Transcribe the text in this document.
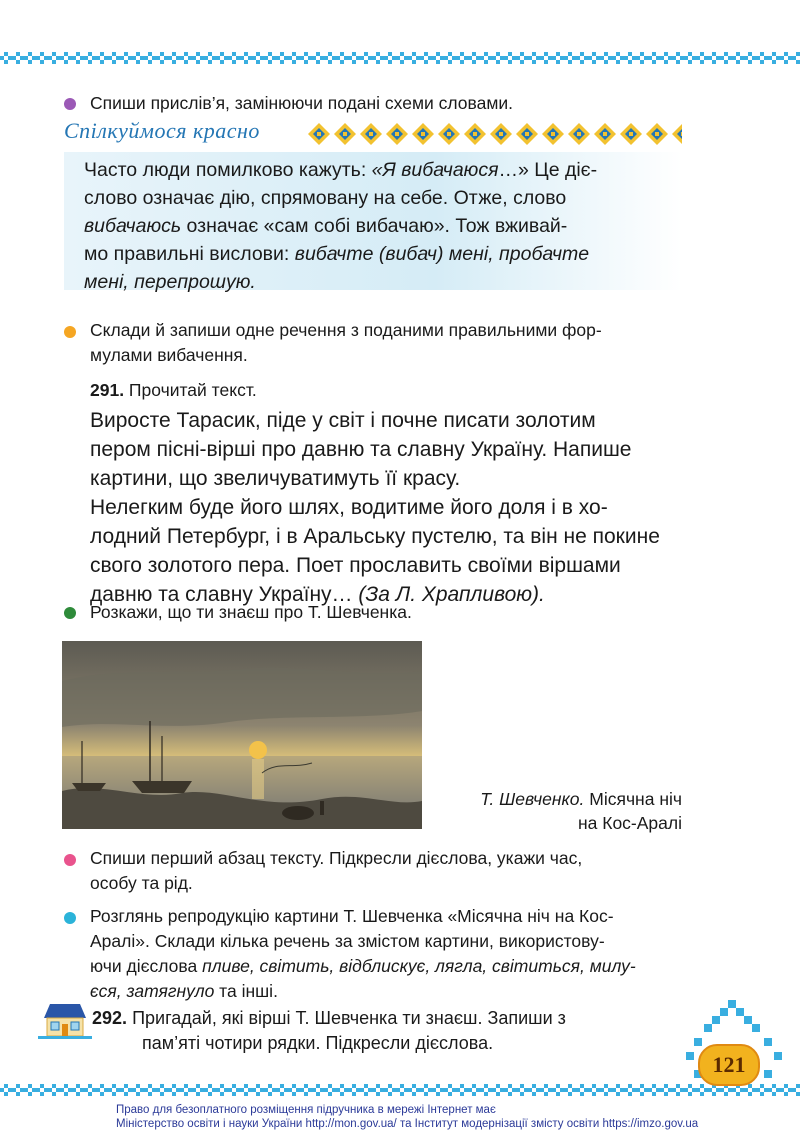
Спиши прислів’я, замінюючи подані схеми словами.
Спілкуймося красно
Часто люди помилково кажуть: «Я вибачаюся…» Це діє-
слово означає дію, спрямовану на себе. Отже, слово
вибачаюсь означає «сам собі вибачаю». Тож вживай-
мо правильні вислови: вибачте (вибач) мені, пробачте
мені, перепрошую.
Склади й запиши одне речення з поданими правильними фор-
мулами вибачення.
291. Прочитай текст.
Виросте Тарасик, піде у світ і почне писати золотим
пером пісні-вірші про давню та славну Україну. Напише
картини, що звеличуватимуть її красу.
Нелегким буде його шлях, водитиме його доля і в хо-
лодний Петербург, і в Аральську пустелю, та він не покине
свого золотого пера. Поет прославить своїми віршами
давню та славну Україну… (За Л. Храпливою).
Розкажи, що ти знаєш про Т. Шевченка.
Т. Шевченко. Місячна ніч
на Кос-Аралі
Спиши перший абзац тексту. Підкресли дієслова, укажи час,
особу та рід.
Розглянь репродукцію картини Т. Шевченка «Місячна ніч на Кос-
Аралі». Склади кілька речень за змістом картини, використову-
ючи дієслова пливе, світить, відблискує, лягла, світиться, милу-
єся, затягнуло та інші.
292. Пригадай, які вірші Т. Шевченка ти знаєш. Запиши з
пам’яті чотири рядки. Підкресли дієслова.
121
Право для безоплатного розміщення підручника в мережі Інтернет має
Міністерство освіти і науки України http://mon.gov.ua/ та Інститут модернізації змісту освіти https://imzo.gov.ua
